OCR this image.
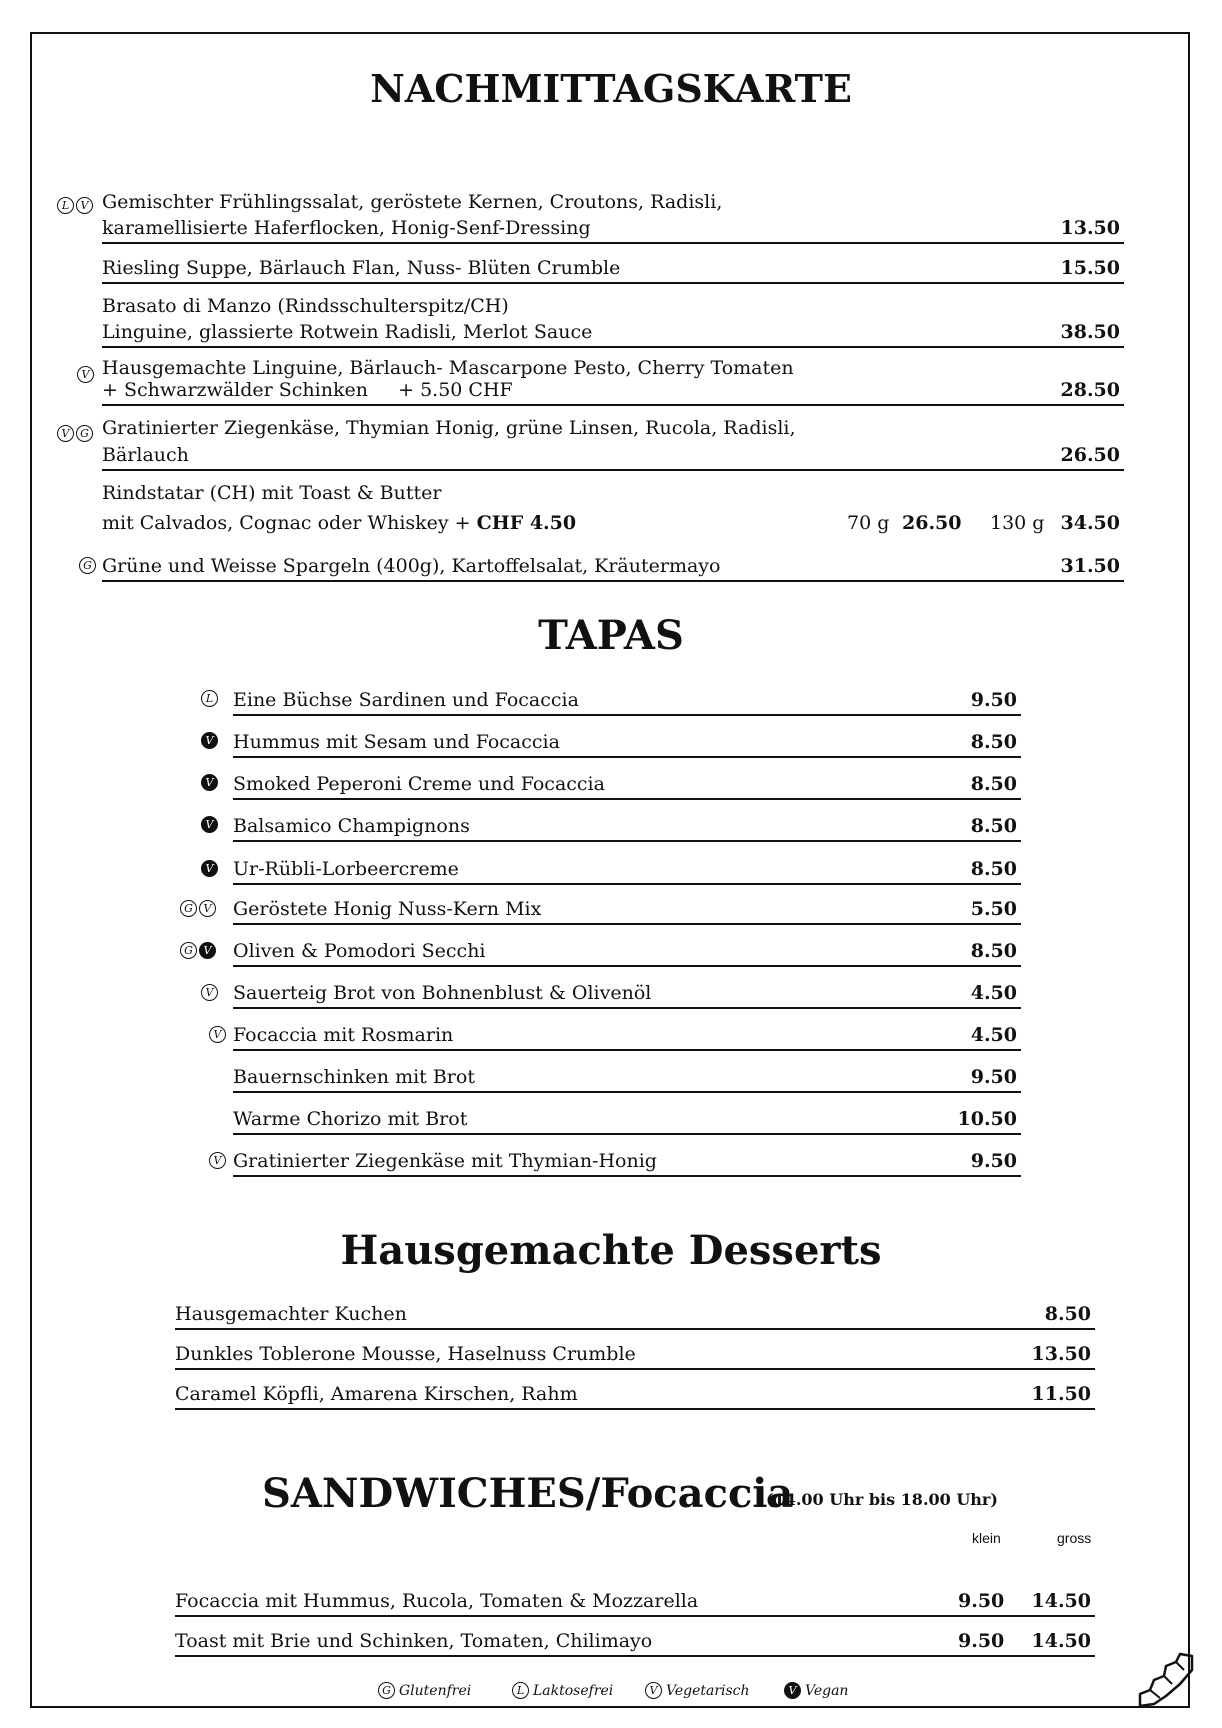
NACHMITTAGSKARTE
L	V Gemischter Frühlingssalat, geröstete Kernen, Croutons, Radisli,
karamellisierte Haferflocken, Honig-Senf-Dressing	13.50
Riesling Suppe, Bärlauch Flan, Nuss- Blüten Crumble	15.50
Brasato di Manzo (Rindsschulterspitz/CH)
Linguine, glassierte Rotwein Radisli, Merlot Sauce	38.50
V Hausgemachte Linguine, Bärlauch- Mascarpone Pesto, Cherry Tomaten
+ Schwarzwälder Schinken     + 5.50 CHF	28.50
V G Gratinierter Ziegenkäse, Thymian Honig, grüne Linsen, Rucola, Radisli,
Bärlauch	26.50
Rindstatar (CH) mit Toast & Butter
mit Calvados, Cognac oder Whiskey + CHF 4.50	70 g 26.50 130 g 34.50
G Grüne und Weisse Spargeln (400g), Kartoffelsalat, Kräutermayo	31.50
TAPAS
L Eine Büchse Sardinen und Focaccia	9.50
V Hummus mit Sesam und Focaccia	8.50
V Smoked Peperoni Creme und Focaccia	8.50
V Balsamico Champignons	8.50
V Ur-Rübli-Lorbeercreme	8.50
G V Geröstete Honig Nuss-Kern Mix	5.50
G V Oliven & Pomodori Secchi	8.50
V Sauerteig Brot von Bohnenblust & Olivenöl	4.50
V Focaccia mit Rosmarin	4.50
Bauernschinken mit Brot	9.50
Warme Chorizo mit Brot	10.50
V Gratinierter Ziegenkäse mit Thymian-Honig	9.50
Hausgemachte Desserts
Hausgemachter Kuchen	8.50
Dunkles Toblerone Mousse, Haselnuss Crumble	13.50
Caramel Köpfli, Amarena Kirschen, Rahm	11.50
SANDWICHES/Focaccia
(14.00 Uhr bis 18.00 Uhr)
klein	gross
Focaccia mit Hummus, Rucola, Tomaten & Mozzarella	9.50 14.50
Toast mit Brie und Schinken, Tomaten, Chilimayo	9.50 14.50
G Glutenfrei	L Laktosefrei	V Vegetarisch	V Vegan
